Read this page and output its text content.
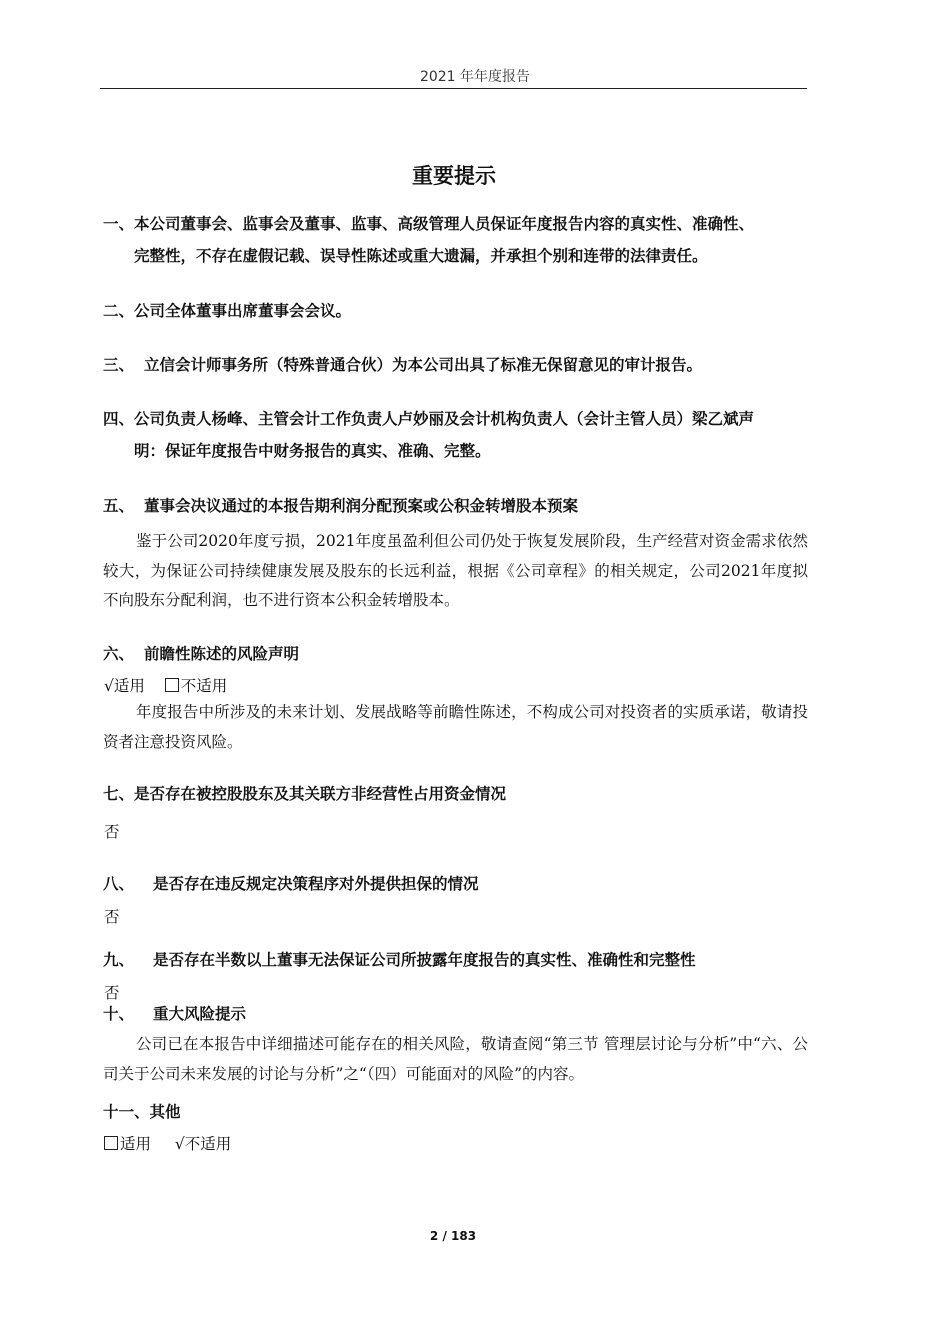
2021 年年度报告
重要提示
一、本公司董事会、监事会及董事、监事、高级管理人员保证年度报告内容的真实性、准确性、
完整性，不存在虚假记载、误导性陈述或重大遗漏，并承担个别和连带的法律责任。
二、公司全体董事出席董事会会议。
三、 立信会计师事务所（特殊普通合伙）为本公司出具了标准无保留意见的审计报告。
四、公司负责人杨峰、主管会计工作负责人卢妙丽及会计机构负责人（会计主管人员）梁乙斌声
明：保证年度报告中财务报告的真实、准确、完整。
五、 董事会决议通过的本报告期利润分配预案或公积金转增股本预案
鉴于公司2020年度亏损，2021年度虽盈利但公司仍处于恢复发展阶段，生产经营对资金需求依然较大，为保证公司持续健康发展及股东的长远利益，根据《公司章程》的相关规定，公司2021年度拟不向股东分配利润，也不进行资本公积金转增股本。
六、 前瞻性陈述的风险声明
√适用 不适用
年度报告中所涉及的未来计划、发展战略等前瞻性陈述，不构成公司对投资者的实质承诺，敬请投资者注意投资风险。
七、是否存在被控股股东及其关联方非经营性占用资金情况
否
八、 是否存在违反规定决策程序对外提供担保的情况
否
九、 是否存在半数以上董事无法保证公司所披露年度报告的真实性、准确性和完整性
否
十、 重大风险提示
公司已在本报告中详细描述可能存在的相关风险，敬请查阅“第三节 管理层讨论与分析”中“六、公司关于公司未来发展的讨论与分析”之“（四）可能面对的风险”的内容。
十一、其他
适用 √不适用
2 / 183
